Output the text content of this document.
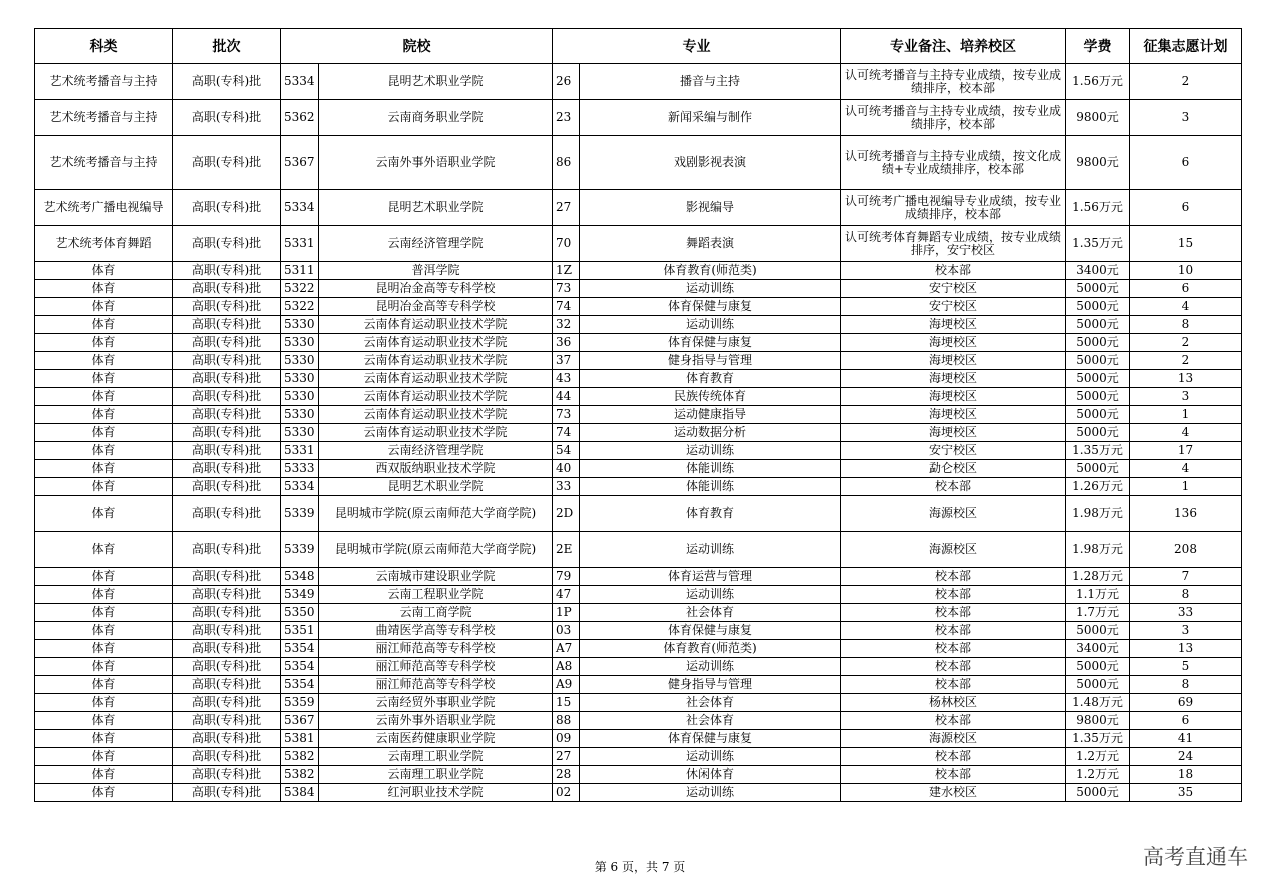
科类	批次	院校		专业		专业备注、培养校区	学费	征集志愿计划
艺术统考播音与主持	高职(专科)批	5334	昆明艺术职业学院	26	播音与主持	认可统考播音与主持专业成绩，按专业成绩排序，校本部	1.56万元	2
艺术统考播音与主持	高职(专科)批	5362	云南商务职业学院	23	新闻采编与制作	认可统考播音与主持专业成绩，按专业成绩排序，校本部	9800元	3
艺术统考播音与主持	高职(专科)批	5367	云南外事外语职业学院	86	戏剧影视表演	认可统考播音与主持专业成绩，按文化成绩+专业成绩排序，校本部	9800元	6
艺术统考广播电视编导	高职(专科)批	5334	昆明艺术职业学院	27	影视编导	认可统考广播电视编导专业成绩，按专业成绩排序，校本部	1.56万元	6
艺术统考体育舞蹈	高职(专科)批	5331	云南经济管理学院	70	舞蹈表演	认可统考体育舞蹈专业成绩，按专业成绩排序，安宁校区	1.35万元	15
体育	高职(专科)批	5311	普洱学院	1Z	体育教育(师范类)	校本部	3400元	10
体育	高职(专科)批	5322	昆明冶金高等专科学校	73	运动训练	安宁校区	5000元	6
体育	高职(专科)批	5322	昆明冶金高等专科学校	74	体育保健与康复	安宁校区	5000元	4
体育	高职(专科)批	5330	云南体育运动职业技术学院	32	运动训练	海埂校区	5000元	8
体育	高职(专科)批	5330	云南体育运动职业技术学院	36	体育保健与康复	海埂校区	5000元	2
体育	高职(专科)批	5330	云南体育运动职业技术学院	37	健身指导与管理	海埂校区	5000元	2
体育	高职(专科)批	5330	云南体育运动职业技术学院	43	体育教育	海埂校区	5000元	13
体育	高职(专科)批	5330	云南体育运动职业技术学院	44	民族传统体育	海埂校区	5000元	3
体育	高职(专科)批	5330	云南体育运动职业技术学院	73	运动健康指导	海埂校区	5000元	1
体育	高职(专科)批	5330	云南体育运动职业技术学院	74	运动数据分析	海埂校区	5000元	4
体育	高职(专科)批	5331	云南经济管理学院	54	运动训练	安宁校区	1.35万元	17
体育	高职(专科)批	5333	西双版纳职业技术学院	40	体能训练	勐仑校区	5000元	4
体育	高职(专科)批	5334	昆明艺术职业学院	33	体能训练	校本部	1.26万元	1
体育	高职(专科)批	5339	昆明城市学院(原云南师范大学商学院)	2D	体育教育	海源校区	1.98万元	136
体育	高职(专科)批	5339	昆明城市学院(原云南师范大学商学院)	2E	运动训练	海源校区	1.98万元	208
体育	高职(专科)批	5348	云南城市建设职业学院	79	体育运营与管理	校本部	1.28万元	7
体育	高职(专科)批	5349	云南工程职业学院	47	运动训练	校本部	1.1万元	8
体育	高职(专科)批	5350	云南工商学院	1P	社会体育	校本部	1.7万元	33
体育	高职(专科)批	5351	曲靖医学高等专科学校	03	体育保健与康复	校本部	5000元	3
体育	高职(专科)批	5354	丽江师范高等专科学校	A7	体育教育(师范类)	校本部	3400元	13
体育	高职(专科)批	5354	丽江师范高等专科学校	A8	运动训练	校本部	5000元	5
体育	高职(专科)批	5354	丽江师范高等专科学校	A9	健身指导与管理	校本部	5000元	8
体育	高职(专科)批	5359	云南经贸外事职业学院	15	社会体育	杨林校区	1.48万元	69
体育	高职(专科)批	5367	云南外事外语职业学院	88	社会体育	校本部	9800元	6
体育	高职(专科)批	5381	云南医药健康职业学院	09	体育保健与康复	海源校区	1.35万元	41
体育	高职(专科)批	5382	云南理工职业学院	27	运动训练	校本部	1.2万元	24
体育	高职(专科)批	5382	云南理工职业学院	28	休闲体育	校本部	1.2万元	18
体育	高职(专科)批	5384	红河职业技术学院	02	运动训练	建水校区	5000元	35
第 6 页，共 7 页	高考直通车
